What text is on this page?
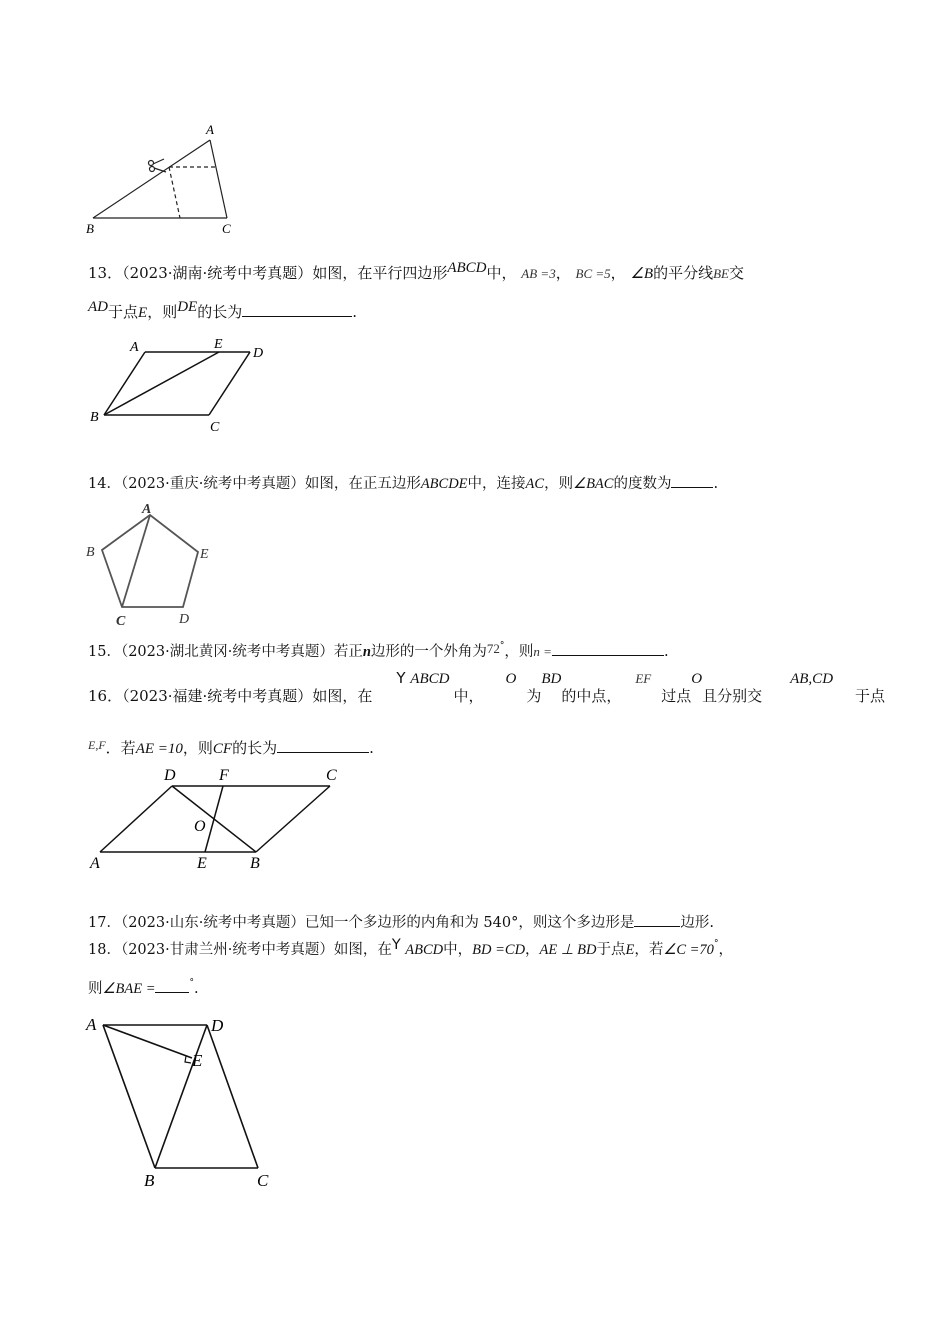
A
B	C
13．（2023·湖南·统考中考真题）如图，在平行四边形ABCD中， AB =3， BC =5， ∠B的平分线BE交
AD于点E，则DE的长为	.
A	E
D
B
C
14．（2023·重庆·统考中考真题）如图，在正五边形ABCDE中，连接AC，则∠BAC的度数为	.
A
B	E
C	D
15．（2023·湖北黄冈·统考中考真题）若正n边形的一个外角为72°，则n =	.
16．（2023·福建·统考中考真题）如图，在Y ABCD中，O为BD的中点，EF过点O且分别交AB,CD于点
$^{E,F}$．若AE =10，则CF的长为	.
D	F	C
O
A	E	B
17．（2023·山东·统考中考真题）已知一个多边形的内角和为 540°，则这个多边形是	边形.
18．（2023·甘肃兰州·统考中考真题）如图，在Y ABCD中，BD =CD，AE ⊥ BD于点E，若∠C =70°，
则∠BAE =	°.
A	D
E
B	C
